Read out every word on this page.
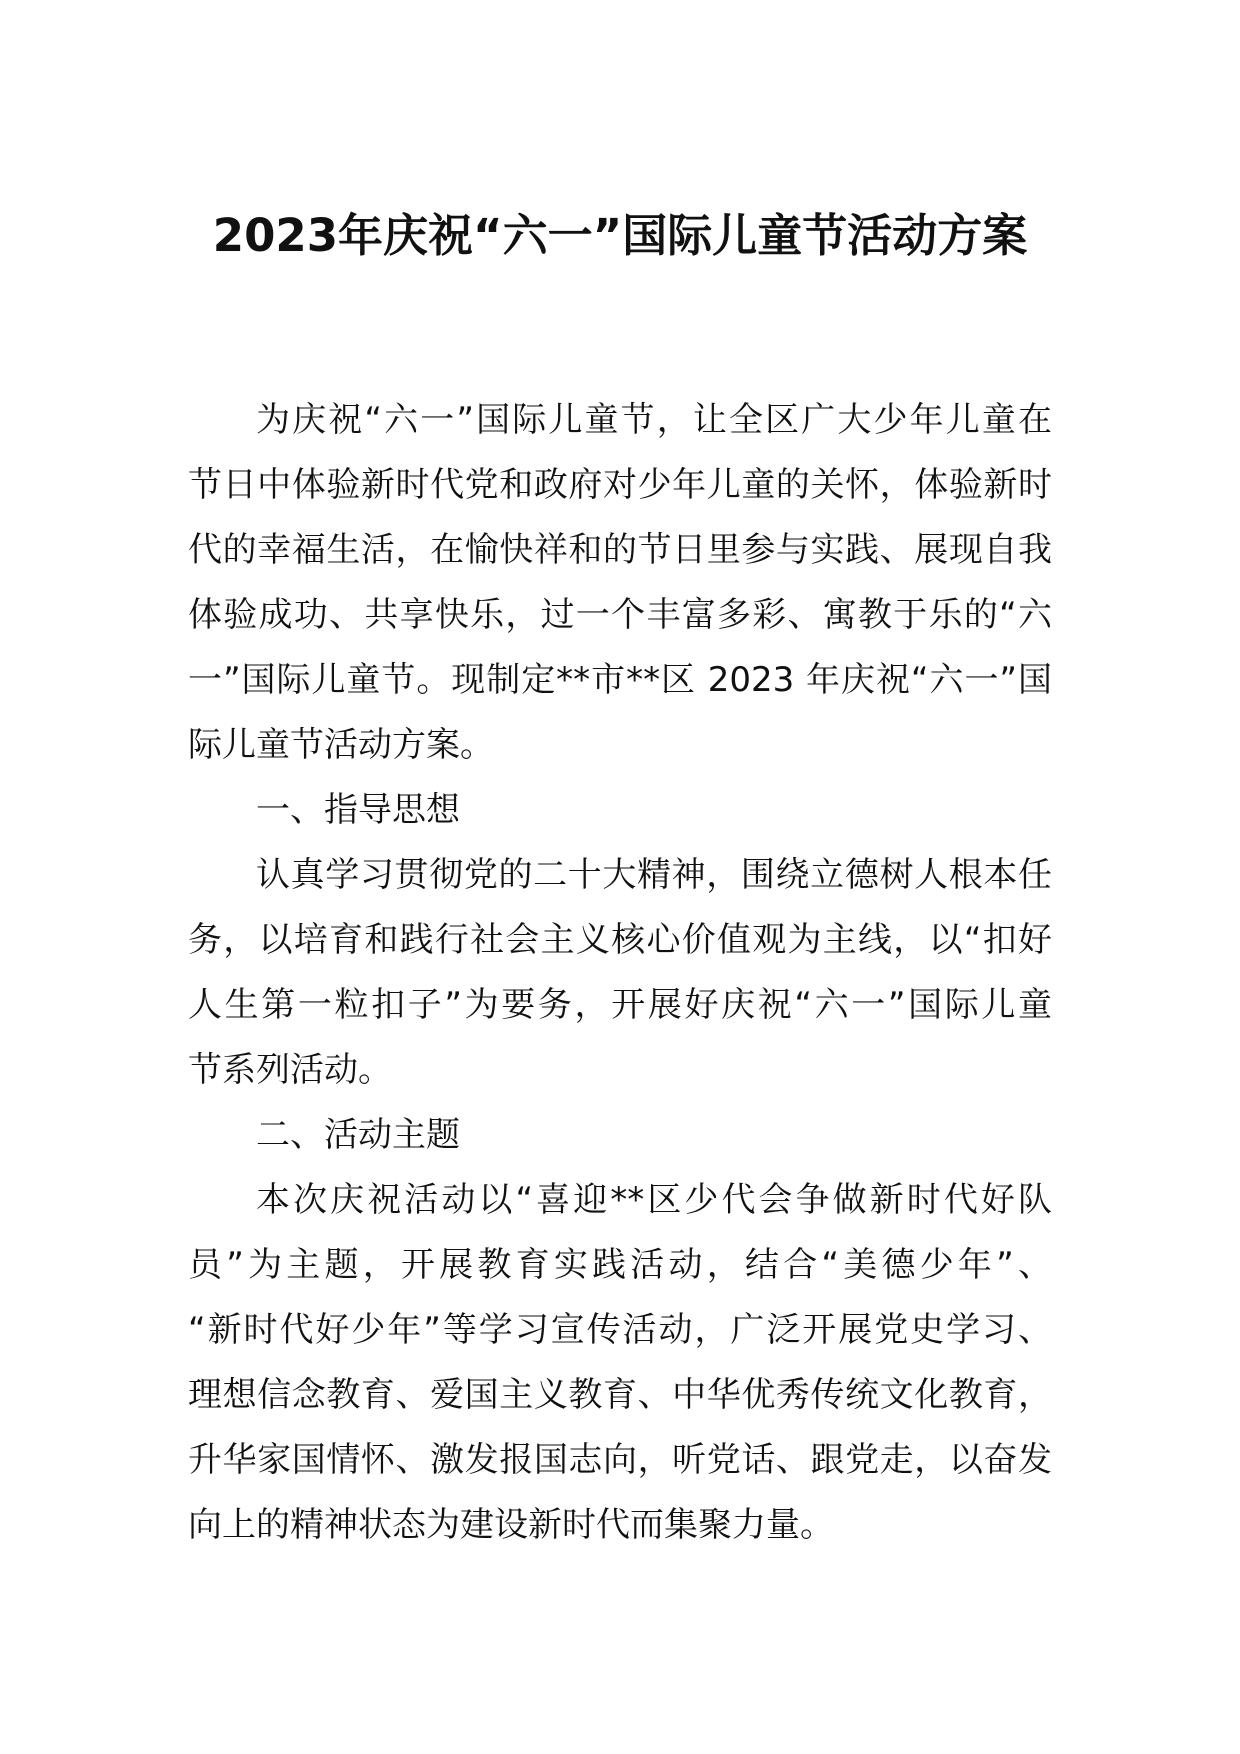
2023年庆祝“六一”国际儿童节活动方案
为庆祝“六一”国际儿童节，让全区广大少年儿童在
节日中体验新时代党和政府对少年儿童的关怀，体验新时
代的幸福生活，在愉快祥和的节日里参与实践、展现自我
体验成功、共享快乐，过一个丰富多彩、寓教于乐的“六
一”国际儿童节。现制定**市**区 2023 年庆祝“六一”国
际儿童节活动方案。
一、指导思想
认真学习贯彻党的二十大精神，围绕立德树人根本任
务，以培育和践行社会主义核心价值观为主线，以“扣好
人生第一粒扣子”为要务，开展好庆祝“六一”国际儿童
节系列活动。
二、活动主题
本次庆祝活动以“喜迎**区少代会争做新时代好队
员”为主题，开展教育实践活动，结合“美德少年”、
“新时代好少年”等学习宣传活动，广泛开展党史学习、
理想信念教育、爱国主义教育、中华优秀传统文化教育，
升华家国情怀、激发报国志向，听党话、跟党走，以奋发
向上的精神状态为建设新时代而集聚力量。
